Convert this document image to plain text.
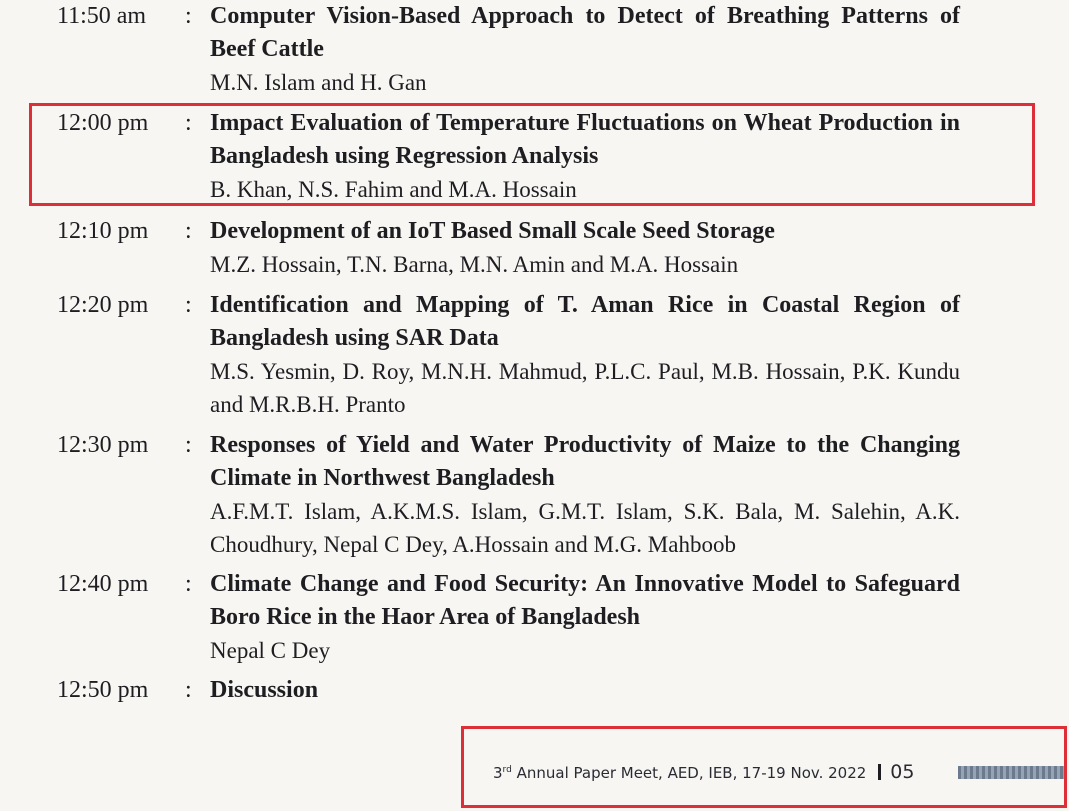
11:50 am : Computer Vision-Based Approach to Detect of Breathing Patterns of Beef Cattle
M.N. Islam and H. Gan
12:00 pm : Impact Evaluation of Temperature Fluctuations on Wheat Production in Bangladesh using Regression Analysis
B. Khan, N.S. Fahim and M.A. Hossain
12:10 pm : Development of an IoT Based Small Scale Seed Storage
M.Z. Hossain, T.N. Barna, M.N. Amin and M.A. Hossain
12:20 pm : Identification and Mapping of T. Aman Rice in Coastal Region of Bangladesh using SAR Data
M.S. Yesmin, D. Roy, M.N.H. Mahmud, P.L.C. Paul, M.B. Hossain, P.K. Kundu and M.R.B.H. Pranto
12:30 pm : Responses of Yield and Water Productivity of Maize to the Changing Climate in Northwest Bangladesh
A.F.M.T. Islam, A.K.M.S. Islam, G.M.T. Islam, S.K. Bala, M. Salehin, A.K. Choudhury, Nepal C Dey, A.Hossain and M.G. Mahboob
12:40 pm : Climate Change and Food Security: An Innovative Model to Safeguard Boro Rice in the Haor Area of Bangladesh
Nepal C Dey
12:50 pm : Discussion
3rd Annual Paper Meet, AED, IEB, 17-19 Nov. 2022 05
